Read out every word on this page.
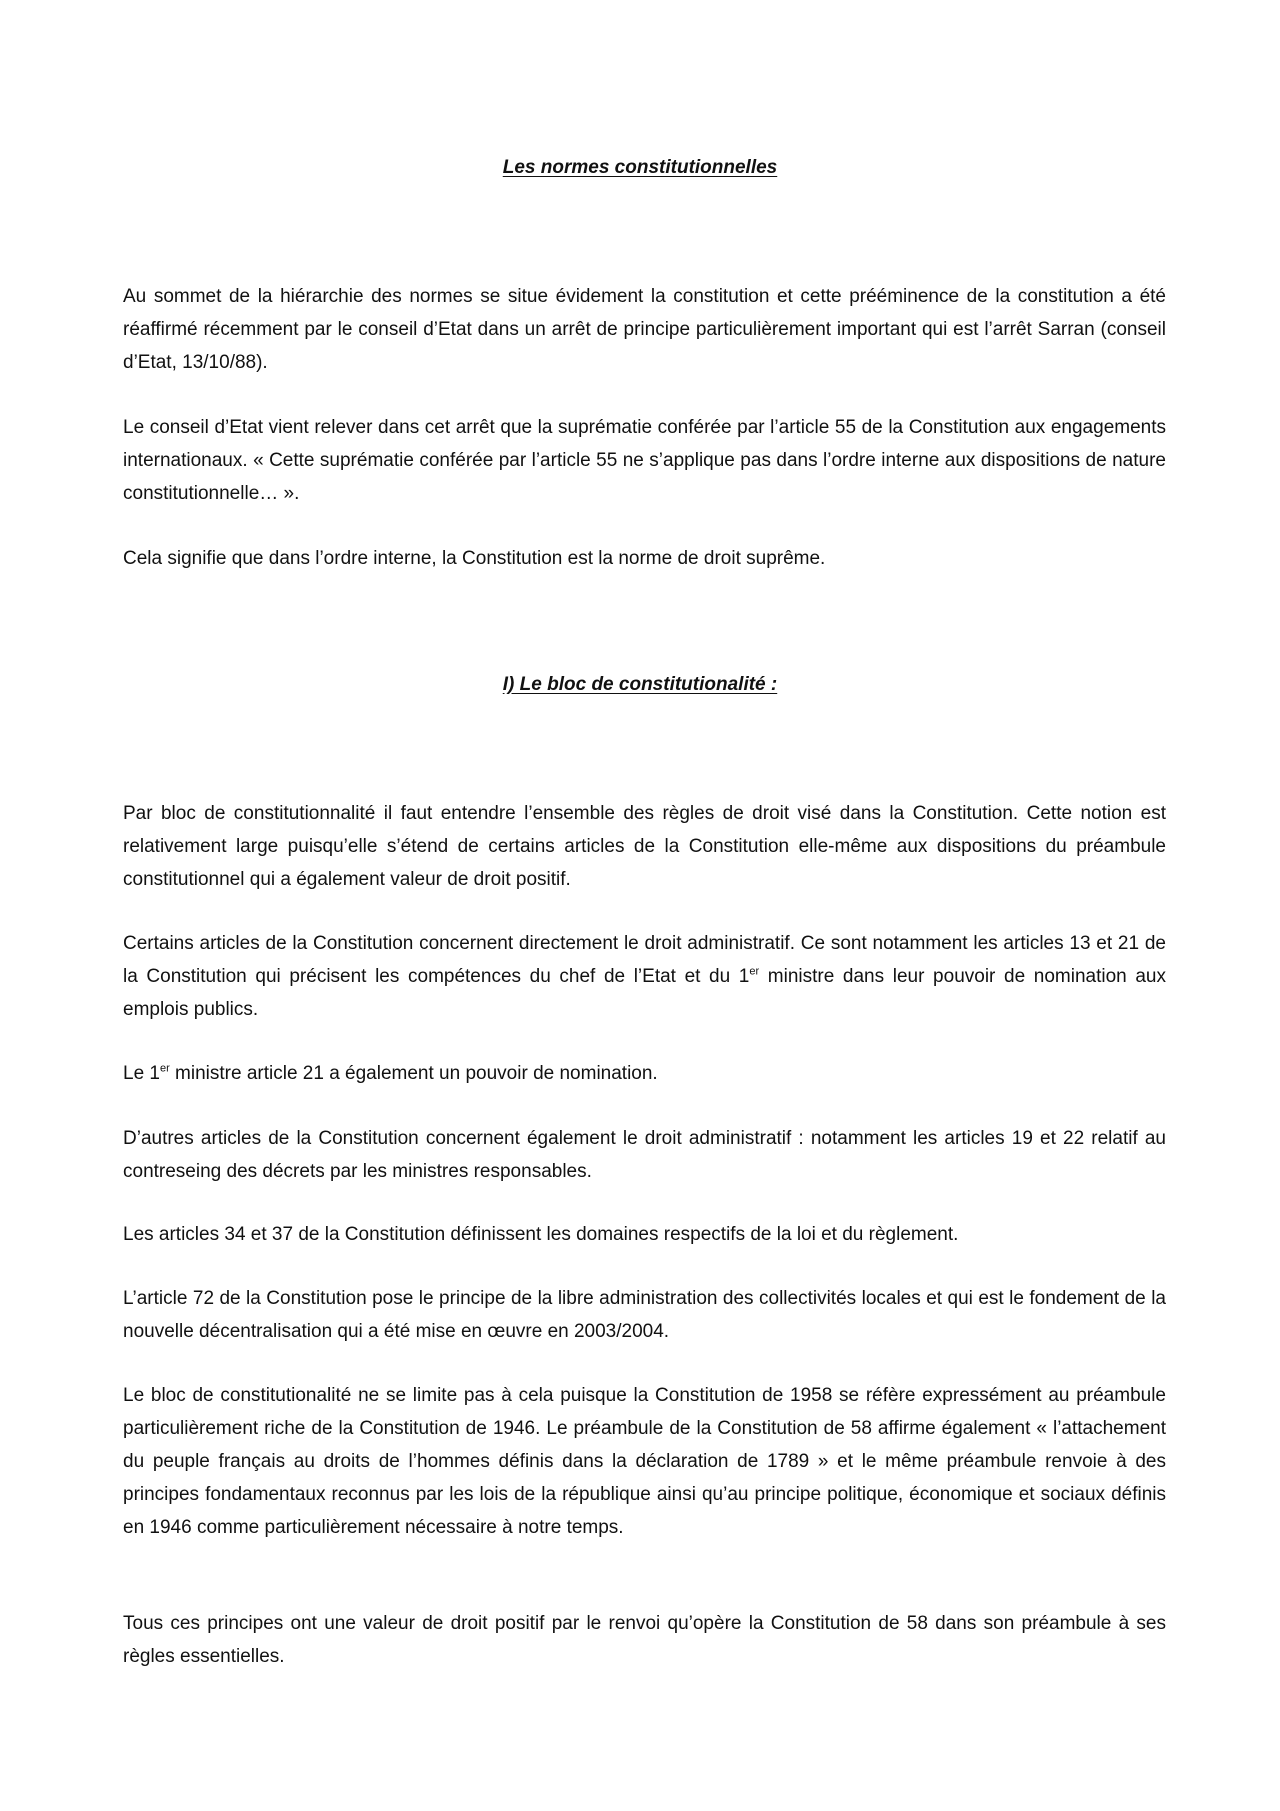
Les normes constitutionnelles

Au sommet de la hiérarchie des normes se situe évidement la constitution et cette prééminence de la constitution a été réaffirmé récemment par le conseil d’Etat dans un arrêt de principe particulièrement important qui est l’arrêt Sarran (conseil d’Etat, 13/10/88).

Le conseil d’Etat vient relever dans cet arrêt que la suprématie conférée par l’article 55 de la Constitution aux engagements internationaux. « Cette suprématie conférée par l’article 55 ne s’applique pas dans l’ordre interne aux dispositions de nature constitutionnelle… ».

Cela signifie que dans l’ordre interne, la Constitution est la norme de droit suprême.

I) Le bloc de constitutionalité :

Par bloc de constitutionnalité il faut entendre l’ensemble des règles de droit visé dans la Constitution. Cette notion est relativement large puisqu’elle s’étend de certains articles de la Constitution elle-même aux dispositions du préambule constitutionnel qui a également valeur de droit positif.

Certains articles de la Constitution concernent directement le droit administratif. Ce sont notamment les articles 13 et 21 de la Constitution qui précisent les compétences du chef de l’Etat et du 1er ministre dans leur pouvoir de nomination aux emplois publics.

Le 1er ministre article 21 a également un pouvoir de nomination.

D’autres articles de la Constitution concernent également le droit administratif : notamment les articles 19 et 22 relatif au contreseing des décrets par les ministres responsables.

Les articles 34 et 37 de la Constitution définissent les domaines respectifs de la loi et du règlement.

L’article 72 de la Constitution pose le principe de la libre administration des collectivités locales et qui est le fondement de la nouvelle décentralisation qui a été mise en œuvre en 2003/2004.

Le bloc de constitutionalité ne se limite pas à cela puisque la Constitution de 1958 se réfère expressément au préambule particulièrement riche de la Constitution de 1946. Le préambule de la Constitution de 58 affirme également « l’attachement du peuple français au droits de l’hommes définis dans la déclaration de 1789 » et le même préambule renvoie à des principes fondamentaux reconnus par les lois de la république ainsi qu’au principe politique, économique et sociaux définis en 1946 comme particulièrement nécessaire à notre temps.

Tous ces principes ont une valeur de droit positif par le renvoi qu’opère la Constitution de 58 dans son préambule à ses règles essentielles.
